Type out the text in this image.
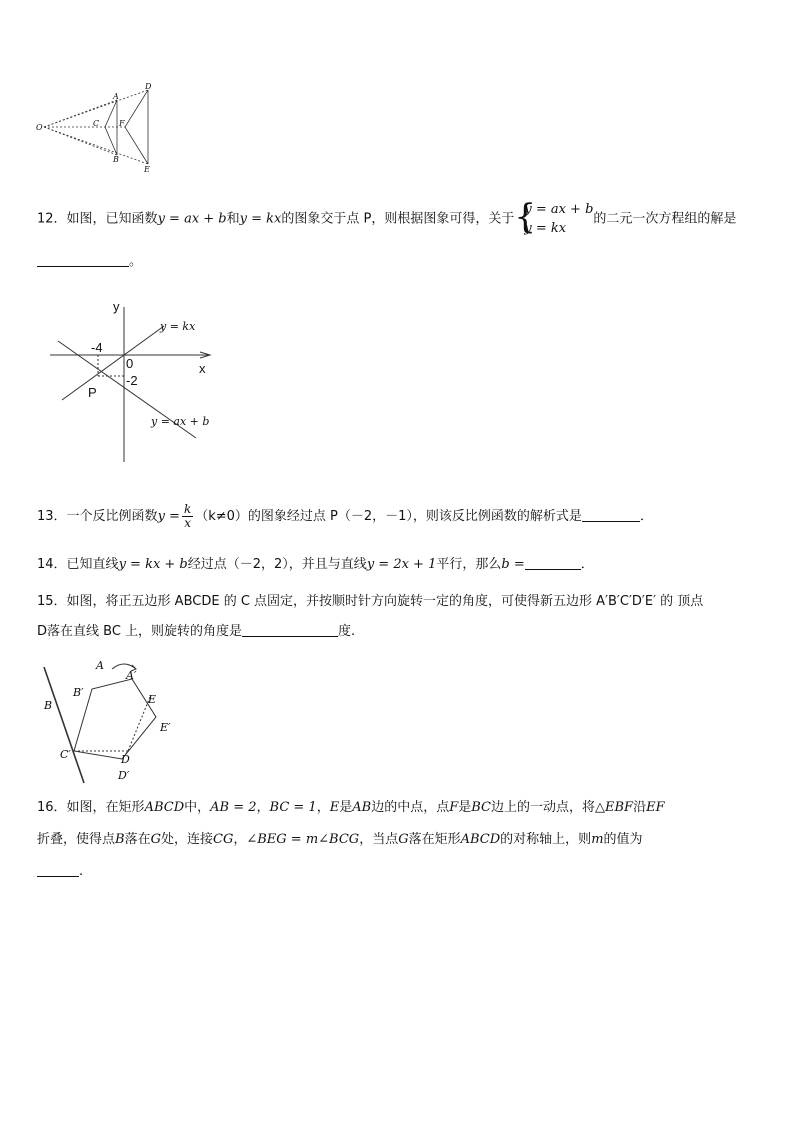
O
A
B
C
D
E
F
12．如图，已知函数y = ax + b和y = kx的图象交于点 P，则根据图象可得，关于 {
y = ax + b
y = kx
的二元一次方程组的解是
。
y
x
0
-4
-2
P
y = kx
y = ax + b
13．一个反比例函数$y = \frac{k}{x} (k\ne 0)$的图象经过点 P（－2，－1），则该反比例函数的解析式是	．
14．已知直线y = kx + b经过点（－2，2），并且与直线y = 2x + 1平行，那么b =	．
15．如图，将正五边形 ABCDE 的 C 点固定，并按顺时针方向旋转一定的角度，可使得新五边形 A′B′C′D′E′ 的 顶点
D落在直线 BC 上，则旋转的角度是	度.
A
A′
B
B′
C′	D
D′
E
E′
16．如图，在矩形ABCD中，AB = 2，BC = 1，E是AB边的中点，点F是BC边上的一动点，将△EBF沿EF
折叠，使得点B落在G处，连接CG，∠BEG = m∠BCG，当点G落在矩形ABCD的对称轴上，则m的值为
.
